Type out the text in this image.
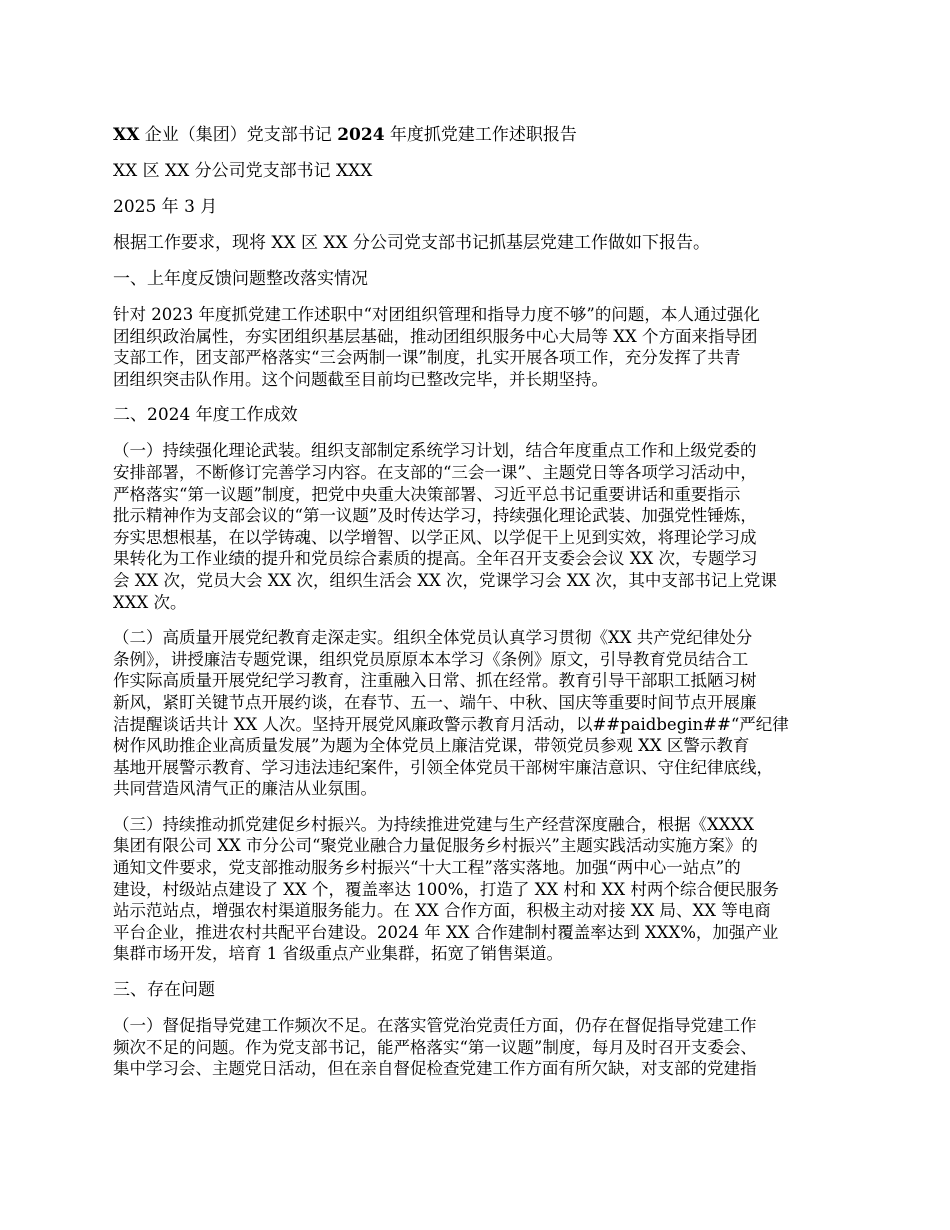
XX 企业（集团）党支部书记 2024 年度抓党建工作述职报告
XX 区 XX 分公司党支部书记 XXX
2025 年 3 月
根据工作要求，现将 XX 区 XX 分公司党支部书记抓基层党建工作做如下报告。
一、上年度反馈问题整改落实情况
针对 2023 年度抓党建工作述职中“对团组织管理和指导力度不够”的问题，本人通过强化
团组织政治属性，夯实团组织基层基础，推动团组织服务中心大局等 XX 个方面来指导团
支部工作，团支部严格落实“三会两制一课”制度，扎实开展各项工作，充分发挥了共青
团组织突击队作用。这个问题截至目前均已整改完毕，并长期坚持。
二、2024 年度工作成效
（一）持续强化理论武装。组织支部制定系统学习计划，结合年度重点工作和上级党委的
安排部署，不断修订完善学习内容。在支部的“三会一课”、主题党日等各项学习活动中，
严格落实“第一议题”制度，把党中央重大决策部署、习近平总书记重要讲话和重要指示
批示精神作为支部会议的“第一议题”及时传达学习，持续强化理论武装、加强党性锤炼，
夯实思想根基，在以学铸魂、以学增智、以学正风、以学促干上见到实效，将理论学习成
果转化为工作业绩的提升和党员综合素质的提高。全年召开支委会会议 XX 次，专题学习
会 XX 次，党员大会 XX 次，组织生活会 XX 次，党课学习会 XX 次，其中支部书记上党课
XXX 次。
（二）高质量开展党纪教育走深走实。组织全体党员认真学习贯彻《XX 共产党纪律处分
条例》，讲授廉洁专题党课，组织党员原原本本学习《条例》原文，引导教育党员结合工
作实际高质量开展党纪学习教育，注重融入日常、抓在经常。教育引导干部职工抵陋习树
新风，紧盯关键节点开展约谈，在春节、五一、端午、中秋、国庆等重要时间节点开展廉
洁提醒谈话共计 XX 人次。坚持开展党风廉政警示教育月活动，以##paidbegin##“严纪律
树作风助推企业高质量发展”为题为全体党员上廉洁党课，带领党员参观 XX 区警示教育
基地开展警示教育、学习违法违纪案件，引领全体党员干部树牢廉洁意识、守住纪律底线，
共同营造风清气正的廉洁从业氛围。
（三）持续推动抓党建促乡村振兴。为持续推进党建与生产经营深度融合，根据《XXXX
集团有限公司 XX 市分公司“聚党业融合力量促服务乡村振兴”主题实践活动实施方案》的
通知文件要求，党支部推动服务乡村振兴“十大工程”落实落地。加强“两中心一站点”的
建设，村级站点建设了 XX 个，覆盖率达 100%，打造了 XX 村和 XX 村两个综合便民服务
站示范站点，增强农村渠道服务能力。在 XX 合作方面，积极主动对接 XX 局、XX 等电商
平台企业，推进农村共配平台建设。2024 年 XX 合作建制村覆盖率达到 XXX%，加强产业
集群市场开发，培育 1 省级重点产业集群，拓宽了销售渠道。
三、存在问题
（一）督促指导党建工作频次不足。在落实管党治党责任方面，仍存在督促指导党建工作
频次不足的问题。作为党支部书记，能严格落实“第一议题”制度，每月及时召开支委会、
集中学习会、主题党日活动，但在亲自督促检查党建工作方面有所欠缺，对支部的党建指
